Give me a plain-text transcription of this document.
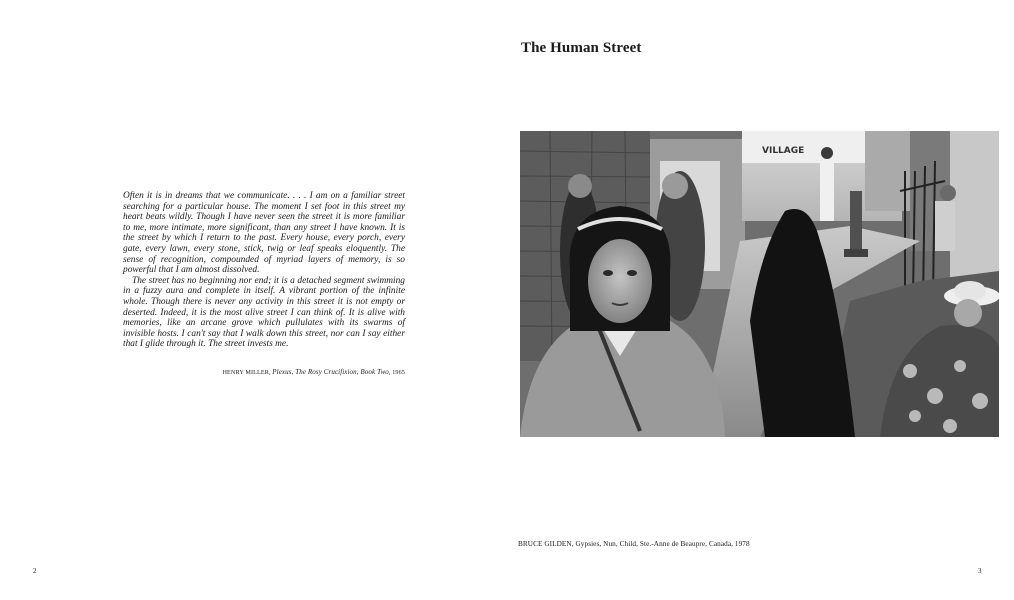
The Human Street

Often it is in dreams that we communicate. . . . I am on a familiar street searching for a particular house. The moment I set foot in this street my heart beats wildly. Though I have never seen the street it is more familiar to me, more intimate, more significant, than any street I have known. It is the street by which I return to the past. Every house, every porch, every gate, every lawn, every stone, stick, twig or leaf speaks eloquently. The sense of recognition, compounded of myriad layers of memory, is so powerful that I am almost dissolved.

The street has no beginning nor end; it is a detached segment swimming in a fuzzy aura and complete in itself. A vibrant portion of the infinite whole. Though there is never any activity in this street it is not empty or deserted. Indeed, it is the most alive street I can think of. It is alive with memories, like an arcane grove which pullulates with its swarms of invisible hosts. I can't say that I walk down this street, nor can I say either that I glide through it. The street invests me.

HENRY MILLER, Plexus, The Rosy Crucifixion, Book Two, 1965
VILLAGE
BRUCE GILDEN, Gypsies, Nun, Child, Ste.-Anne de Beaupre, Canada, 1978
2	3
